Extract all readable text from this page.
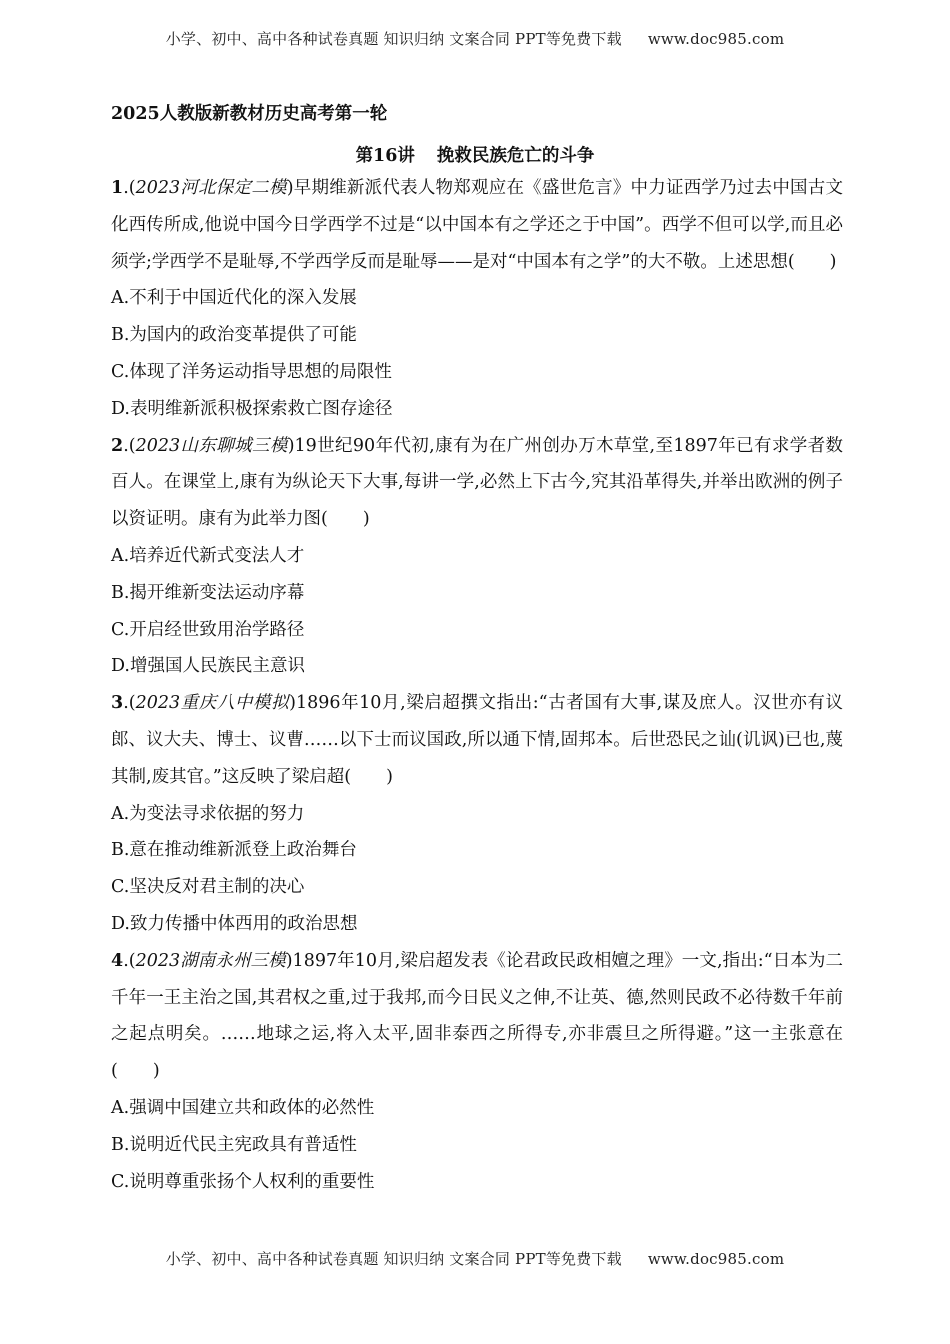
小学、初中、高中各种试卷真题 知识归纳 文案合同 PPT等免费下载 www.doc985.com
2025人教版新教材历史高考第一轮
第16讲 挽救民族危亡的斗争

1.(2023河北保定二模)早期维新派代表人物郑观应在《盛世危言》中力证西学乃过去中国古文化西传所成,他说中国今日学西学不过是“以中国本有之学还之于中国”。西学不但可以学,而且必须学;学西学不是耻辱,不学西学反而是耻辱——是对“中国本有之学”的大不敬。上述思想(  )

A.不利于中国近代化的深入发展

B.为国内的政治变革提供了可能

C.体现了洋务运动指导思想的局限性

D.表明维新派积极探索救亡图存途径

2.(2023山东聊城三模)19世纪90年代初,康有为在广州创办万木草堂,至1897年已有求学者数百人。在课堂上,康有为纵论天下大事,每讲一学,必然上下古今,究其沿革得失,并举出欧洲的例子以资证明。康有为此举力图(  )

A.培养近代新式变法人才

B.揭开维新变法运动序幕

C.开启经世致用治学路径

D.增强国人民族民主意识

3.(2023重庆八中模拟)1896年10月,梁启超撰文指出:“古者国有大事,谋及庶人。汉世亦有议郎、议大夫、博士、议曹……以下士而议国政,所以通下情,固邦本。后世恐民之讪(讥讽)已也,蔑其制,废其官。”这反映了梁启超(  )

A.为变法寻求依据的努力

B.意在推动维新派登上政治舞台

C.坚决反对君主制的决心

D.致力传播中体西用的政治思想

4.(2023湖南永州三模)1897年10月,梁启超发表《论君政民政相嬗之理》一文,指出:“日本为二千年一王主治之国,其君权之重,过于我邦,而今日民义之伸,不让英、德,然则民政不必待数千年前之起点明矣。……地球之运,将入太平,固非泰西之所得专,亦非震旦之所得避。”这一主张意在(  )

A.强调中国建立共和政体的必然性

B.说明近代民主宪政具有普适性

C.说明尊重张扬个人权利的重要性

小学、初中、高中各种试卷真题 知识归纳 文案合同 PPT等免费下载 www.doc985.com
